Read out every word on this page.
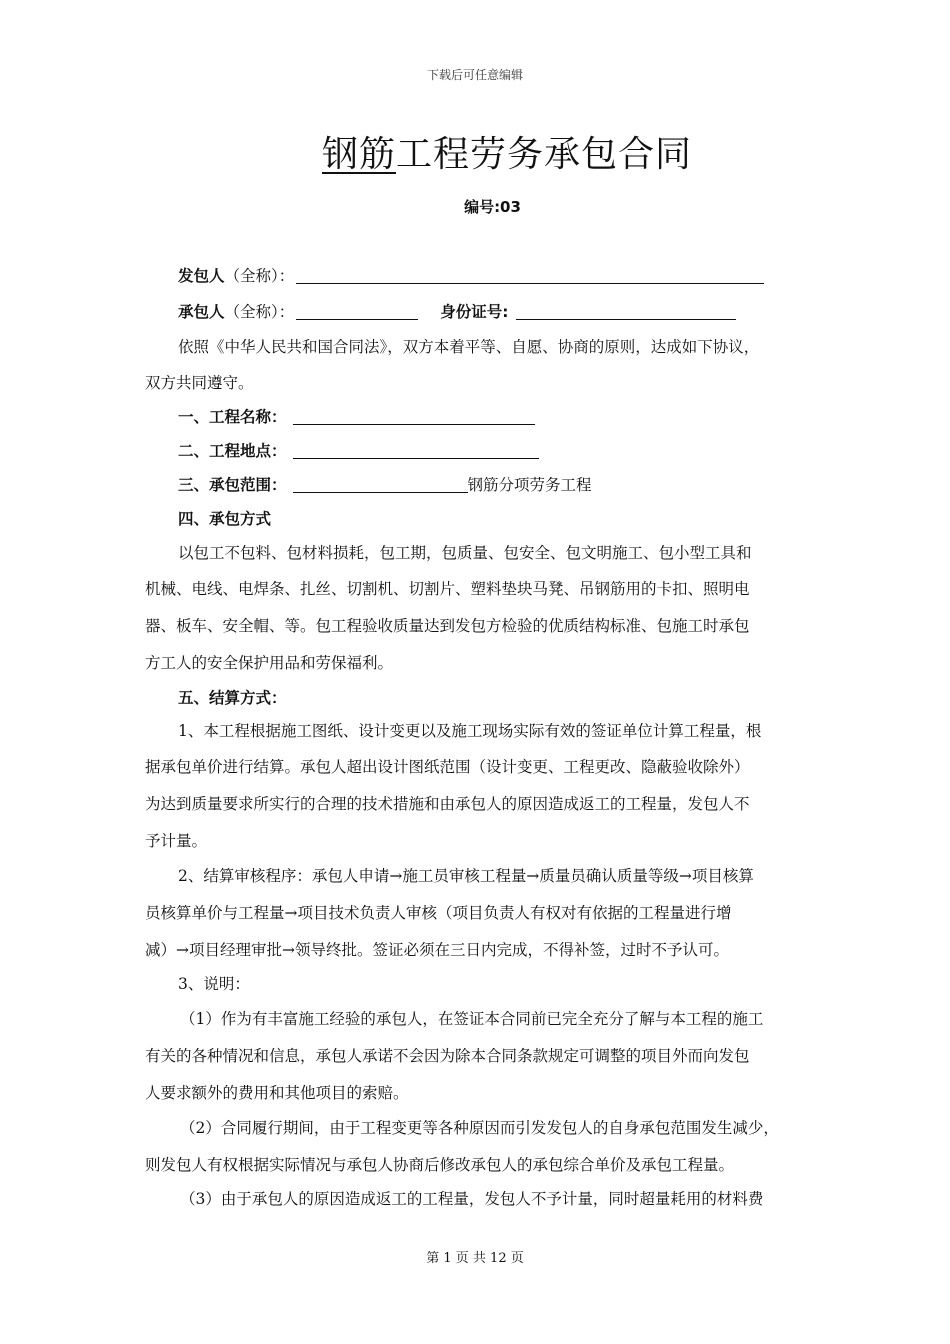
下载后可任意编辑
钢筋工程劳务承包合同
编号:03
发包人（全称）：
承包人（全称）：	身份证号:
依照《中华人民共和国合同法》，双方本着平等、自愿、协商的原则，达成如下协议，
双方共同遵守。
一、工程名称：
二、工程地点：
三、承包范围：	钢筋分项劳务工程
四、承包方式
以包工不包料、包材料损耗，包工期，包质量、包安全、包文明施工、包小型工具和
机械、电线、电焊条、扎丝、切割机、切割片、塑料垫块马凳、吊钢筋用的卡扣、照明电
器、板车、安全帽、等。包工程验收质量达到发包方检验的优质结构标准、包施工时承包
方工人的安全保护用品和劳保福利。
五、结算方式：
1、本工程根据施工图纸、设计变更以及施工现场实际有效的签证单位计算工程量，根
据承包单价进行结算。承包人超出设计图纸范围（设计变更、工程更改、隐蔽验收除外）
为达到质量要求所实行的合理的技术措施和由承包人的原因造成返工的工程量，发包人不
予计量。
2、结算审核程序：承包人申请→施工员审核工程量→质量员确认质量等级→项目核算
员核算单价与工程量→项目技术负责人审核（项目负责人有权对有依据的工程量进行增
减）→项目经理审批→领导终批。签证必须在三日内完成，不得补签，过时不予认可。
3、说明：
（1）作为有丰富施工经验的承包人，在签证本合同前已完全充分了解与本工程的施工
有关的各种情况和信息，承包人承诺不会因为除本合同条款规定可调整的项目外而向发包
人要求额外的费用和其他项目的索赔。
（2）合同履行期间，由于工程变更等各种原因而引发发包人的自身承包范围发生减少，
则发包人有权根据实际情况与承包人协商后修改承包人的承包综合单价及承包工程量。
（3）由于承包人的原因造成返工的工程量，发包人不予计量，同时超量耗用的材料费
第 1 页 共 12 页
